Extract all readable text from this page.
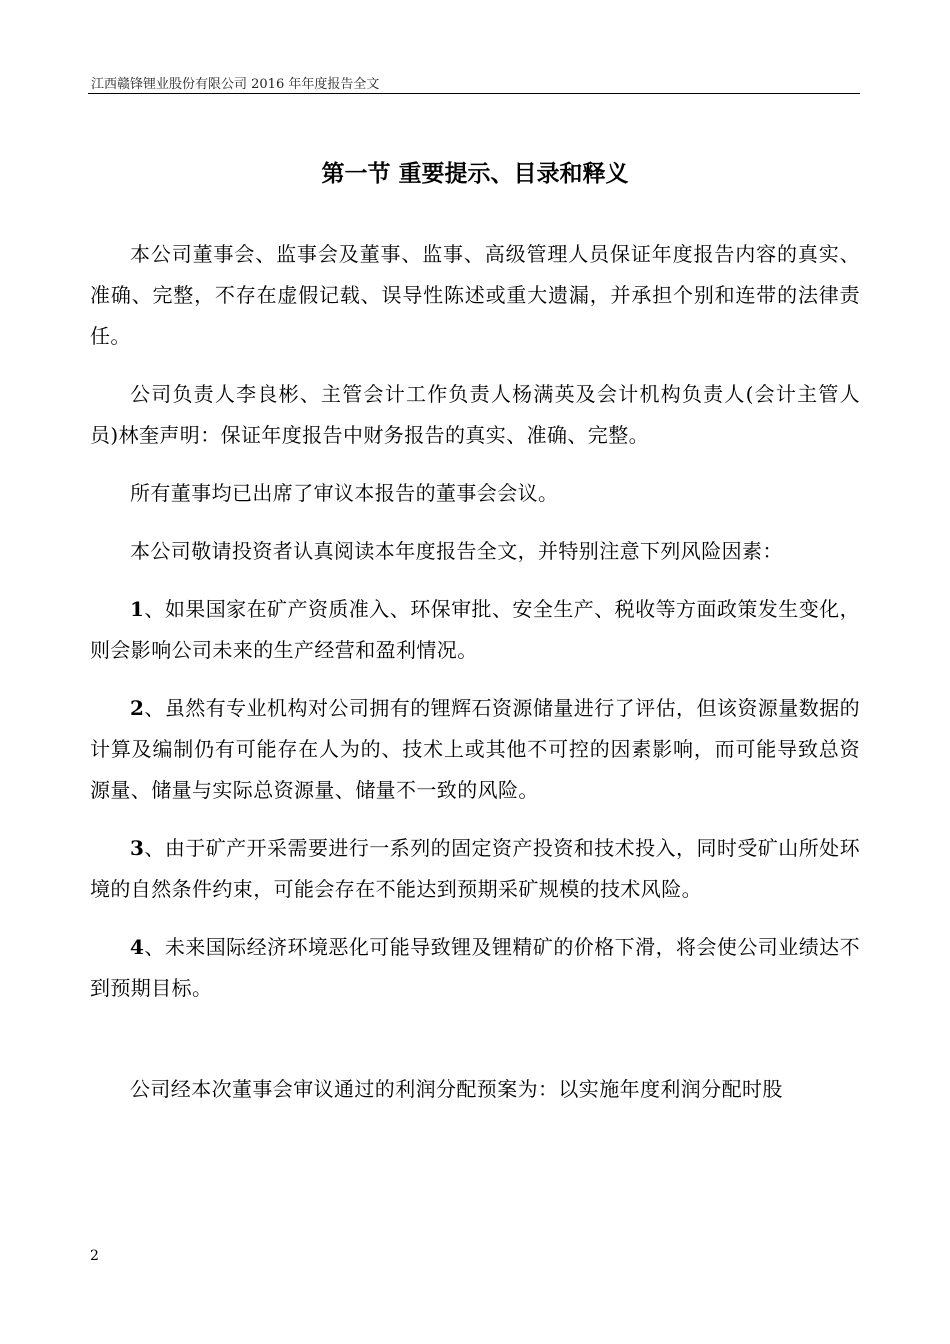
江西赣锋锂业股份有限公司 2016 年年度报告全文
第一节 重要提示、目录和释义

本公司董事会、监事会及董事、监事、高级管理人员保证年度报告内容的真实、准确、完整，不存在虚假记载、误导性陈述或重大遗漏，并承担个别和连带的法律责任。

公司负责人李良彬、主管会计工作负责人杨满英及会计机构负责人(会计主管人员)林奎声明：保证年度报告中财务报告的真实、准确、完整。

所有董事均已出席了审议本报告的董事会会议。

本公司敬请投资者认真阅读本年度报告全文，并特别注意下列风险因素：

1、如果国家在矿产资质准入、环保审批、安全生产、税收等方面政策发生变化，则会影响公司未来的生产经营和盈利情况。

2、虽然有专业机构对公司拥有的锂辉石资源储量进行了评估，但该资源量数据的计算及编制仍有可能存在人为的、技术上或其他不可控的因素影响，而可能导致总资源量、储量与实际总资源量、储量不一致的风险。

3、由于矿产开采需要进行一系列的固定资产投资和技术投入，同时受矿山所处环境的自然条件约束，可能会存在不能达到预期采矿规模的技术风险。

4、未来国际经济环境恶化可能导致锂及锂精矿的价格下滑，将会使公司业绩达不到预期目标。

公司经本次董事会审议通过的利润分配预案为：以实施年度利润分配时股

2
